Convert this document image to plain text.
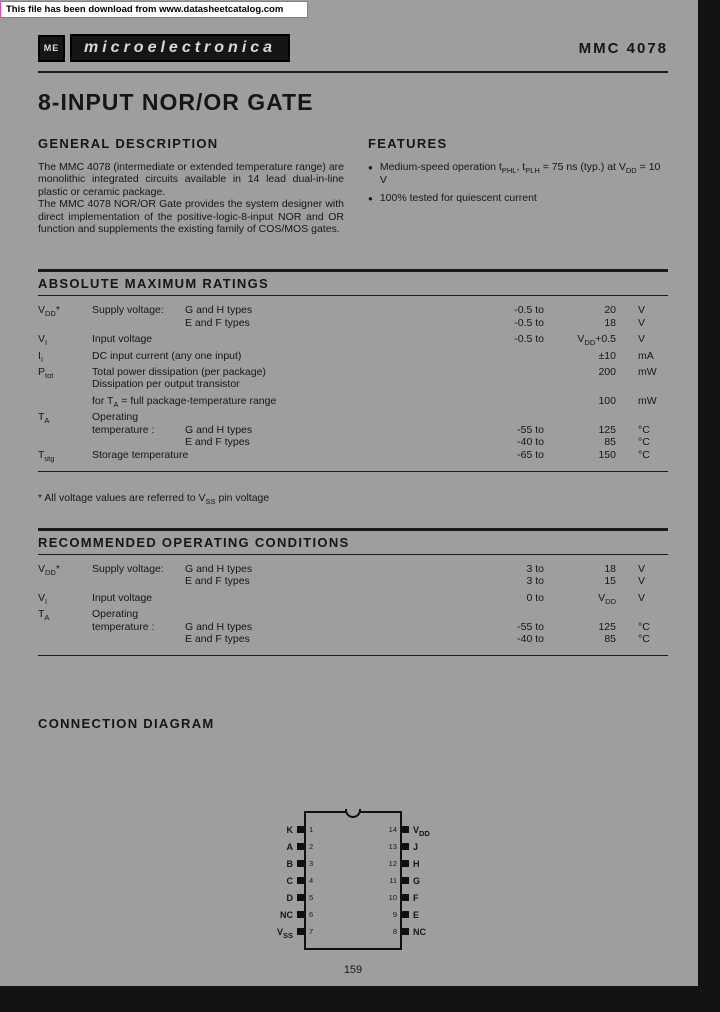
This file has been download from www.datasheetcatalog.com
ME	microelectronica	MMC 4078
8-INPUT NOR/OR GATE
GENERAL DESCRIPTION

The MMC 4078 (intermediate or extended temperature range) are monolithic integrated circuits available in 14 lead dual-in-line plastic or ceramic package.

The MMC 4078 NOR/OR Gate provides the system designer with direct implementation of the positive-logic-8-input NOR and OR function and supplements the existing family of COS/MOS gates.

FEATURES
● Medium-speed operation $t_{PHL}$, $t_{PLH} = 75$ ns (typ.) at $V_{DD} = 10$ V
● 100% tested for quiescent current
ABSOLUTE MAXIMUM RATINGS
$V_{DD}*$	Supply voltage: G and H types	-0.5 to	20	V
E and F types	-0.5 to	18	V
$V_I$	Input voltage	-0.5 to	$V_{DD}+0.5$	V
$I_I$	DC input current (any one input)	±10	mA
$P_{tot}$	Total power dissipation (per package)	200	mW
Dissipation per output transistor
for $T_A$ = full package-temperature range	100	mW
$T_A$	Operating
temperature :	G and H types	-55 to	125	°C
E and F types	-40 to	85	°C
$T_{stg}$	Storage temperature	-65 to	150	°C
* All voltage values are referred to $V_{SS}$ pin voltage
RECOMMENDED OPERATING CONDITIONS
$V_{DD}*$	Supply voltage: G and H types	3 to	18	V
E and F types	3 to	15	V
$V_I$	Input voltage	0 to	$V_{DD}$	V
$T_A$	Operating
temperature :	G and H types	-55 to	125	°C
E and F types	-40 to	85	°C
CONNECTION DIAGRAM
K	1	14	$V_{DD}$
A	2	13	J
B	3	12	H
C	4	11	G
D	5	10	F
NC	6	9	E
$V_{SS}$	7	8	NC
159
